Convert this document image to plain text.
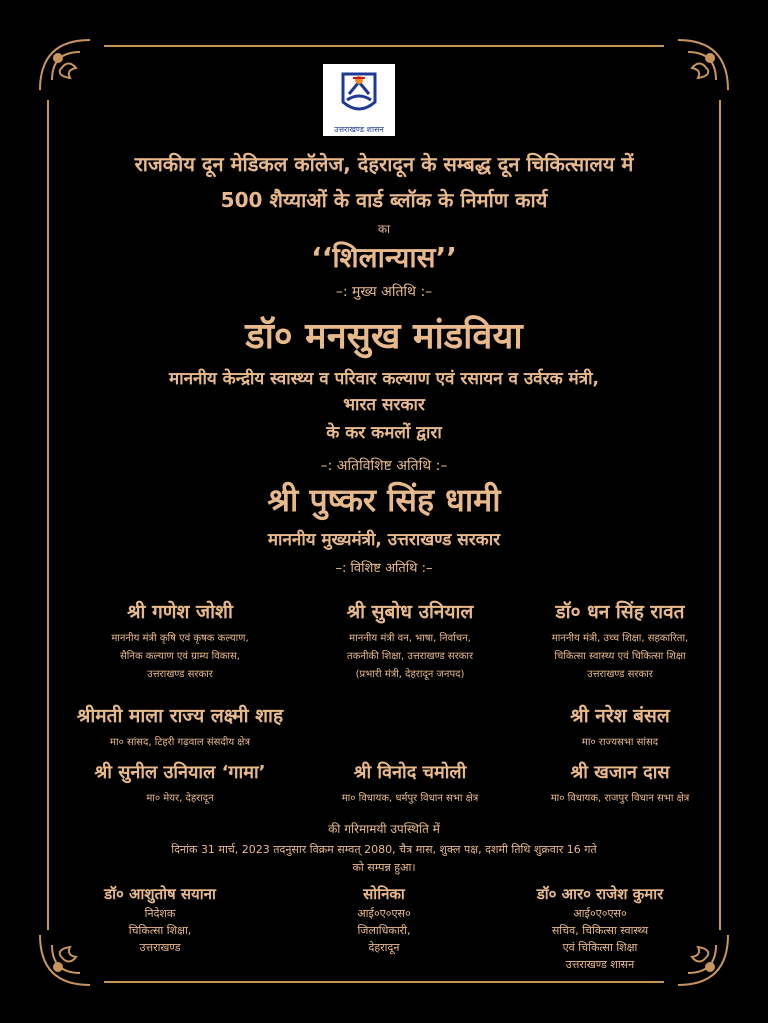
उत्तराखण्ड शासन
राजकीय दून मेडिकल कॉलेज, देहरादून के सम्बद्ध दून चिकित्सालय में
500 शैय्याओं के वार्ड ब्लॉक के निर्माण कार्य
का
‘‘शिलान्यास’’
–: मुख्य अतिथि :–
डॉ० मनसुख मांडविया
माननीय केन्द्रीय स्वास्थ्य व परिवार कल्याण एवं रसायन व उर्वरक मंत्री,
भारत सरकार
के कर कमलों द्वारा
–: अतिविशिष्ट अतिथि :–
श्री पुष्कर सिंह धामी
माननीय मुख्यमंत्री, उत्तराखण्ड सरकार
–: विशिष्ट अतिथि :–
श्री गणेश जोशी
माननीय मंत्री कृषि एवं कृषक कल्याण,
सैनिक कल्याण एवं ग्राम्य विकास,
उत्तराखण्ड सरकार
श्री सुबोध उनियाल
माननीय मंत्री वन, भाषा, निर्वाचन,
तकनीकी शिक्षा, उत्तराखण्ड सरकार
(प्रभारी मंत्री, देहरादून जनपद)
डॉ० धन सिंह रावत
माननीय मंत्री, उच्च शिक्षा, सहकारिता,
चिकित्सा स्वास्थ्य एवं चिकित्सा शिक्षा
उत्तराखण्ड सरकार
श्रीमती माला राज्य लक्ष्मी शाह
मा० सांसद, टिहरी गढ़वाल संसदीय क्षेत्र
श्री नरेश बंसल
मा० राज्यसभा सांसद
श्री सुनील उनियाल ‘गामा’
मा० मेयर, देहरादून
श्री विनोद चमोली
मा० विधायक, धर्मपुर विधान सभा क्षेत्र
श्री खजान दास
मा० विधायक, राजपुर विधान सभा क्षेत्र
की गरिमामयी उपस्थिति में
दिनांक 31 मार्च, 2023 तदनुसार विक्रम सम्वत् 2080, चैत्र मास, शुक्ल पक्ष, दशमी तिथि शुक्रवार 16 गते
को सम्पन्न हुआ।
डॉ० आशुतोष सयाना
निदेशक
चिकित्सा शिक्षा,
उत्तराखण्ड
सोनिका
आई०ए०एस०
जिलाधिकारी,
देहरादून
डॉ० आर० राजेश कुमार
आई०ए०एस०
सचिव, चिकित्सा स्वास्थ्य
एवं चिकित्सा शिक्षा
उत्तराखण्ड शासन
